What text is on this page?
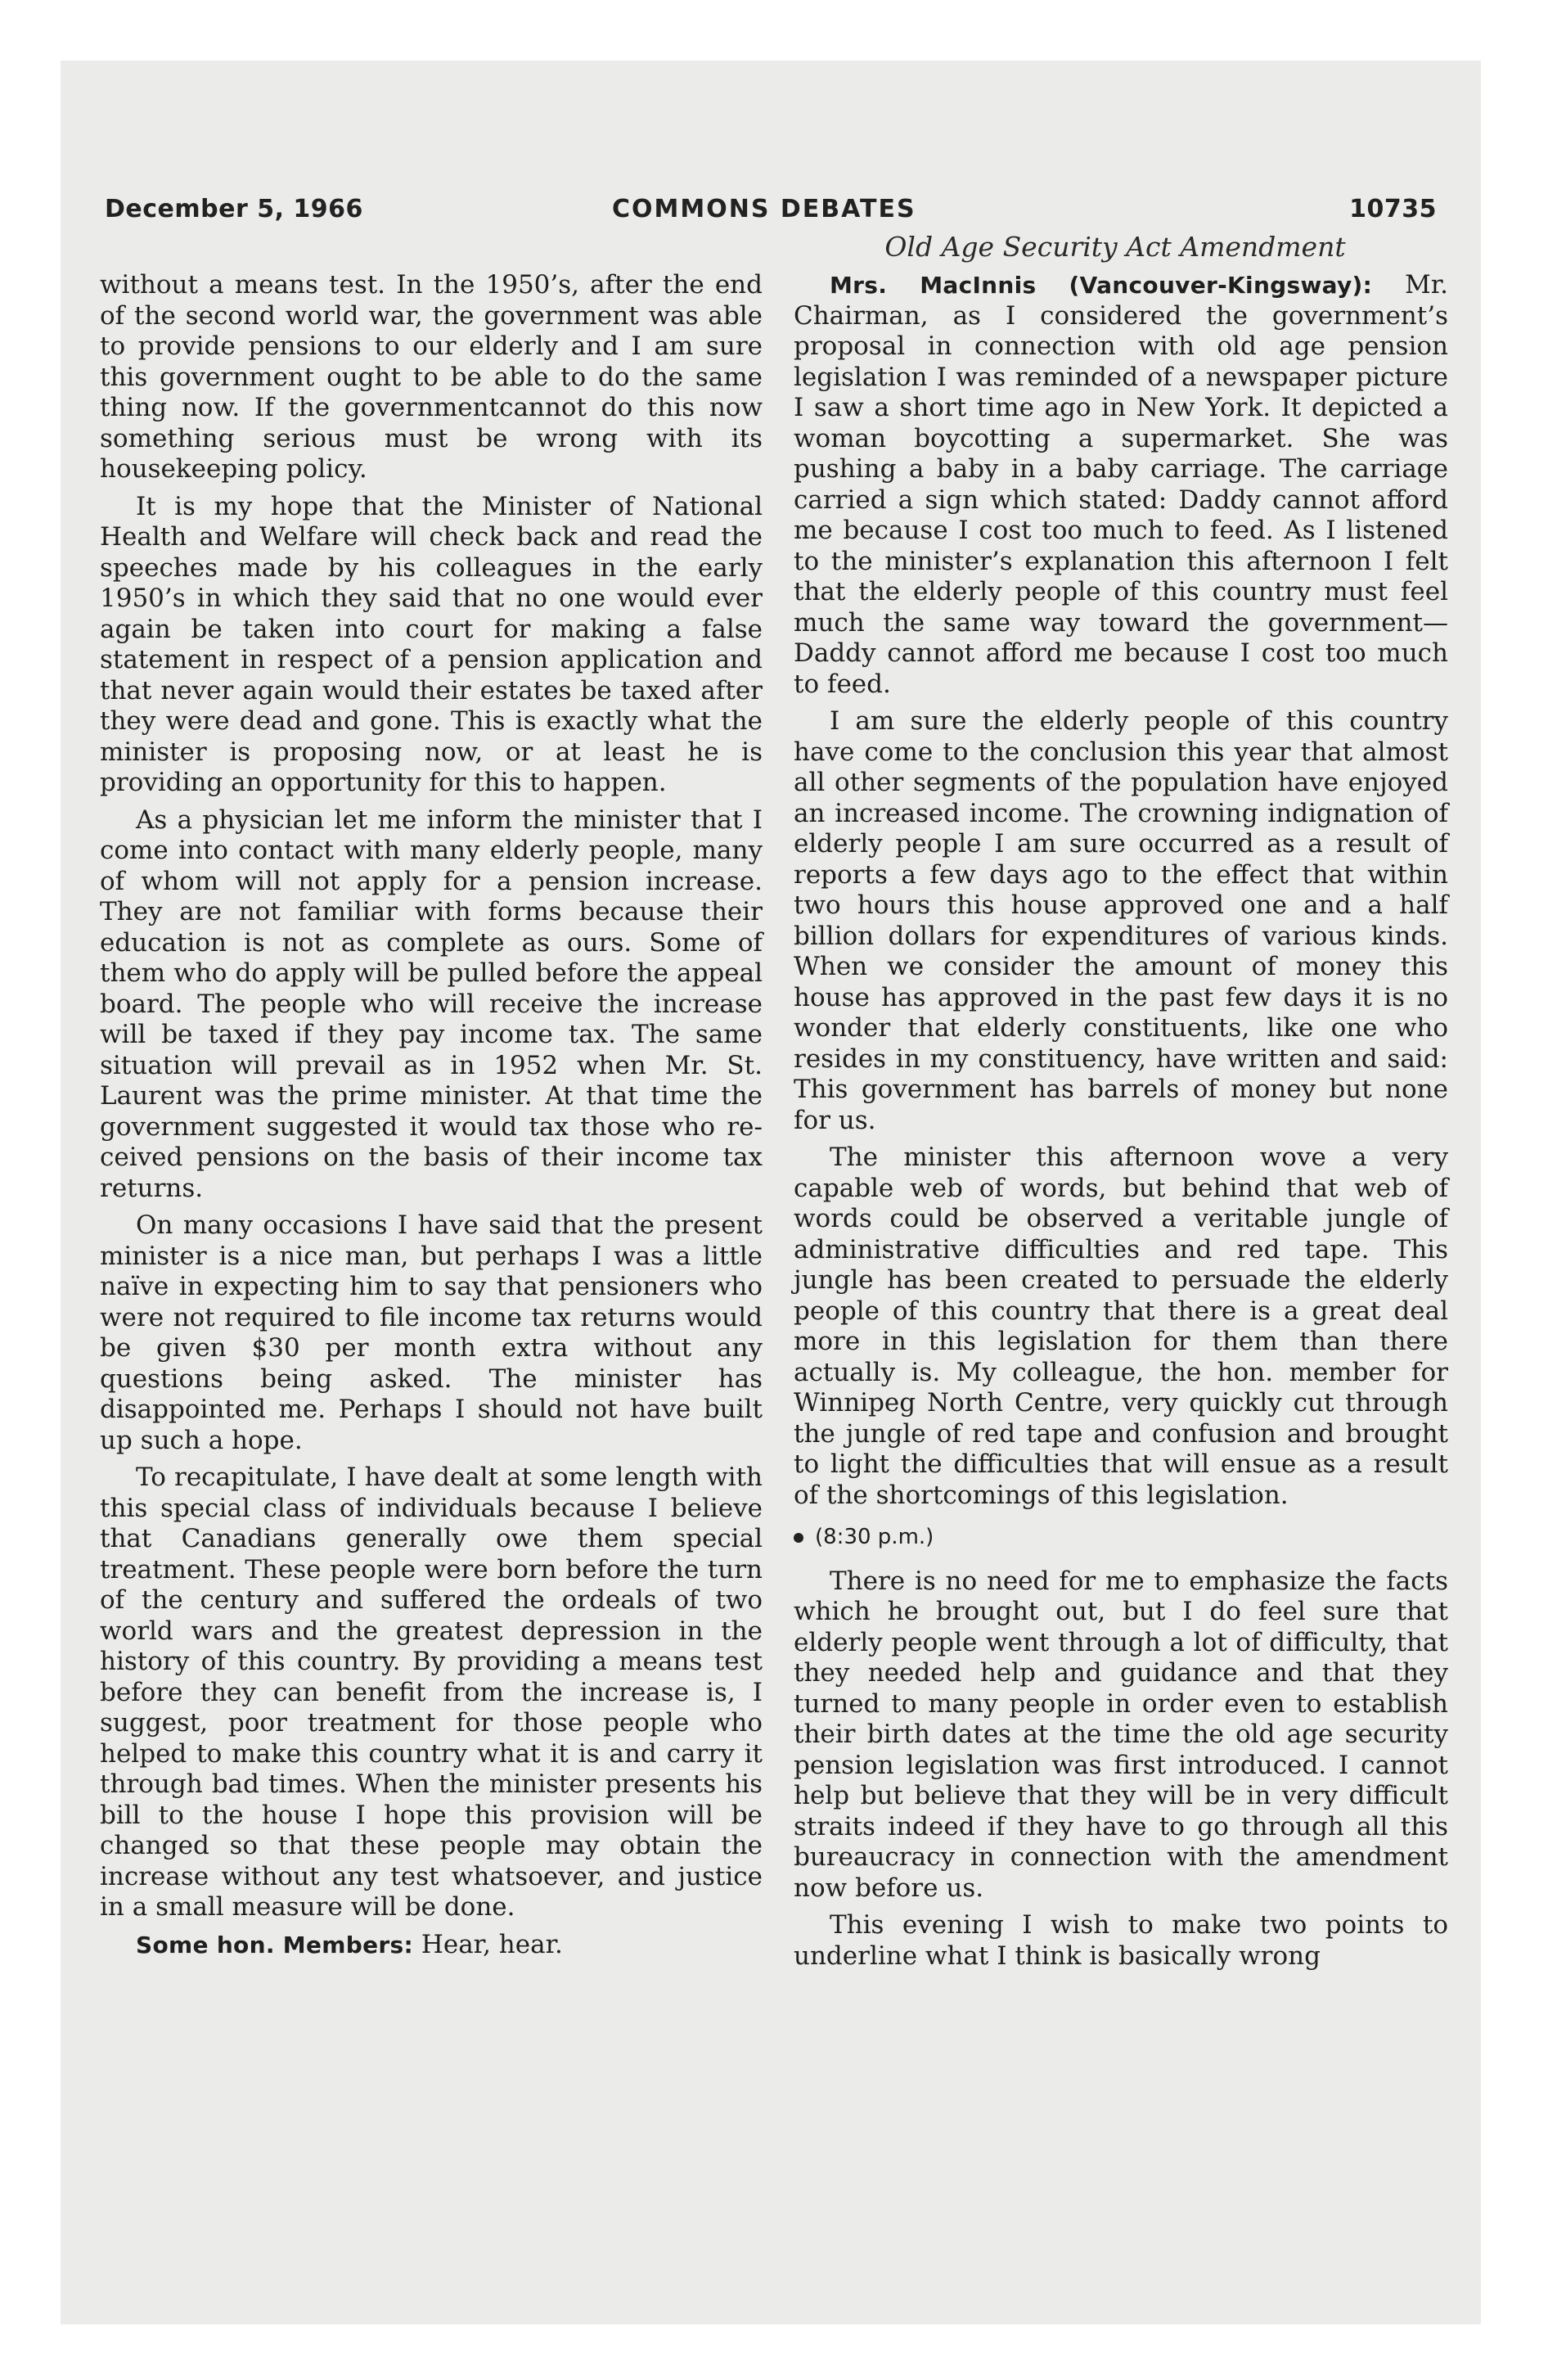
December 5, 1966	COMMONS DEBATES	10735
Old Age Security Act Amendment

without a means test. In the 1950’s, after the end of the second world war, the government was able to provide pensions to our elderly and I am sure this government ought to be able to do the same thing now. If the governmentcannot do this now something serious must be wrong with its housekeeping policy.

It is my hope that the Minister of National Health and Welfare will check back and read the speeches made by his colleagues in the early 1950’s in which they said that no one would ever again be taken into court for making a false statement in respect of a pension application and that never again would their estates be taxed after they were dead and gone. This is exactly what the minister is proposing now, or at least he is providing an opportunity for this to happen.

As a physician let me inform the minister that I come into contact with many elderly people, many of whom will not apply for a pension increase. They are not familiar with forms because their education is not as complete as ours. Some of them who do apply will be pulled before the appeal board. The people who will receive the increase will be taxed if they pay income tax. The same situation will prevail as in 1952 when Mr. St. Laurent was the prime minister. At that time the government suggested it would tax those who received pensions on the basis of their income tax returns.

On many occasions I have said that the present minister is a nice man, but perhaps I was a little naïve in expecting him to say that pensioners who were not required to file income tax returns would be given $30 per month extra without any questions being asked. The minister has disappointed me. Perhaps I should not have built up such a hope.

To recapitulate, I have dealt at some length with this special class of individuals because I believe that Canadians generally owe them special treatment. These people were born before the turn of the century and suffered the ordeals of two world wars and the greatest depression in the history of this country. By providing a means test before they can benefit from the increase is, I suggest, poor treatment for those people who helped to make this country what it is and carry it through bad times. When the minister presents his bill to the house I hope this provision will be changed so that these people may obtain the increase without any test whatsoever, and justice in a small measure will be done.

Some hon. Members: Hear, hear.

Mrs. MacInnis (Vancouver-Kingsway): Mr. Chairman, as I considered the government’s proposal in connection with old age pension legislation I was reminded of a newspaper picture I saw a short time ago in New York. It depicted a woman boycotting a supermarket. She was pushing a baby in a baby carriage. The carriage carried a sign which stated: Daddy cannot afford me because I cost too much to feed. As I listened to the minister’s explanation this afternoon I felt that the elderly people of this country must feel much the same way toward the government—Daddy cannot afford me because I cost too much to feed.

I am sure the elderly people of this country have come to the conclusion this year that almost all other segments of the population have enjoyed an increased income. The crowning indignation of elderly people I am sure occurred as a result of reports a few days ago to the effect that within two hours this house approved one and a half billion dollars for expenditures of various kinds. When we consider the amount of money this house has approved in the past few days it is no wonder that elderly constituents, like one who resides in my constituency, have written and said: This government has barrels of money but none for us.

The minister this afternoon wove a very capable web of words, but behind that web of words could be observed a veritable jungle of administrative difficulties and red tape. This jungle has been created to persuade the elderly people of this country that there is a great deal more in this legislation for them than there actually is. My colleague, the hon. member for Winnipeg North Centre, very quickly cut through the jungle of red tape and confusion and brought to light the difficulties that will ensue as a result of the shortcomings of this legislation.

(8:30 p.m.)

There is no need for me to emphasize the facts which he brought out, but I do feel sure that elderly people went through a lot of difficulty, that they needed help and guidance and that they turned to many people in order even to establish their birth dates at the time the old age security pension legislation was first introduced. I cannot help but believe that they will be in very difficult straits indeed if they have to go through all this bureaucracy in connection with the amendment now before us.

This evening I wish to make two points to underline what I think is basically wrong
